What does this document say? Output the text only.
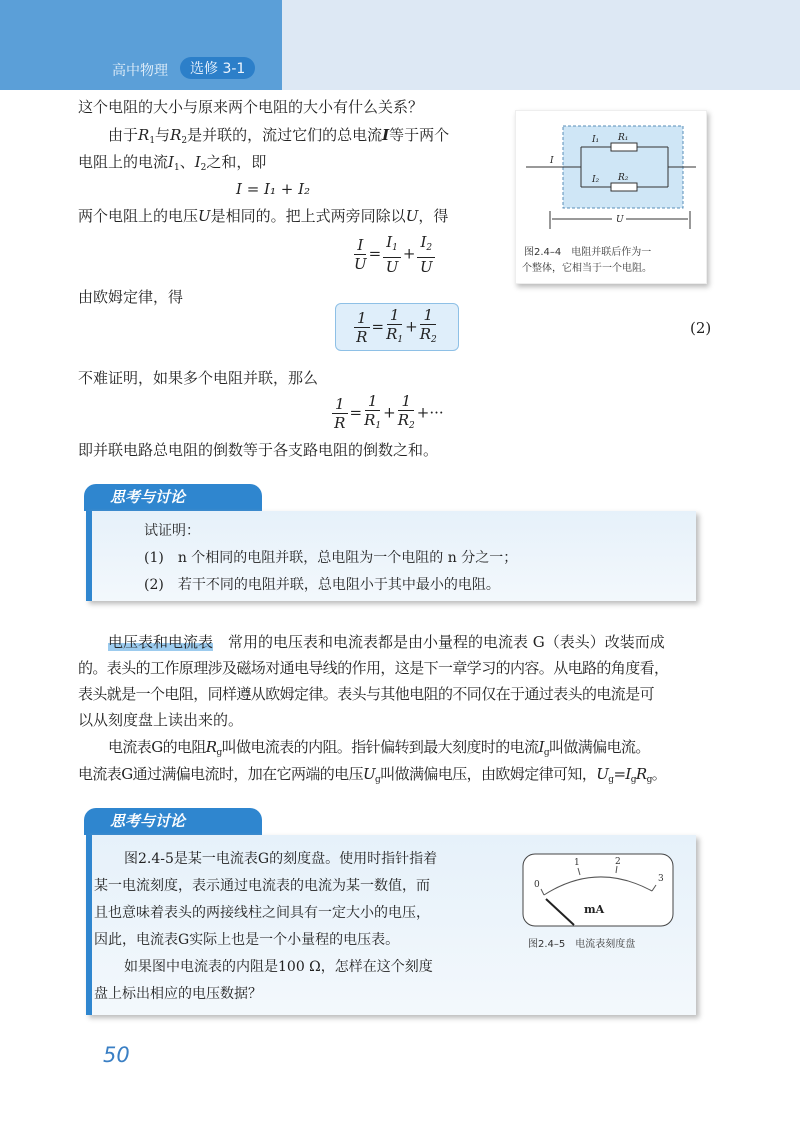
高中物理	选修 3-1
这个电阻的大小与原来两个电阻的大小有什么关系？
由于$R_1$与$R_2$是并联的，流过它们的总电流I等于两个
电阻上的电流$I_1$、$I_2$之和，即
I = I₁ + I₂
两个电阻上的电压U是相同的。把上式两旁同除以U，得
$\frac{I}{U} = \frac{I_1}{U} + \frac{I_2}{U}$
由欧姆定律，得
$\frac{1}{R} = \frac{1}{R_1} + \frac{1}{R_2}$	(2)
不难证明，如果多个电阻并联，那么
$\frac{1}{R} = \frac{1}{R_1} + \frac{1}{R_2}$ +···
即并联电路总电阻的倒数等于各支路电阻的倒数之和。
I
I₁ R₁
I₂ R₂
U
图2.4–4　电阻并联后作为一
个整体，它相当于一个电阻。
思考与讨论
试证明：
(1)　n 个相同的电阻并联，总电阻为一个电阻的 n 分之一；
(2)　若干不同的电阻并联，总电阻小于其中最小的电阻。
电压表和电流表　常用的电压表和电流表都是由小量程的电流表 G（表头）改装而成
的。表头的工作原理涉及磁场对通电导线的作用，这是下一章学习的内容。从电路的角度看，
表头就是一个电阻，同样遵从欧姆定律。表头与其他电阻的不同仅在于通过表头的电流是可
以从刻度盘上读出来的。
电流表G的电阻$R_g$叫做电流表的内阻。指针偏转到最大刻度时的电流$I_g$叫做满偏电流。
电流表G通过满偏电流时，加在它两端的电压$U_g$叫做满偏电压，由欧姆定律可知，$U_g=I_gR_g$。
思考与讨论
图2.4-5是某一电流表G的刻度盘。使用时指针指着
某一电流刻度，表示通过电流表的电流为某一数值，而
且也意味着表头的两接线柱之间具有一定大小的电压，
因此，电流表G实际上也是一个小量程的电压表。
如果图中电流表的内阻是100 Ω，怎样在这个刻度
盘上标出相应的电压数据？
0
1	2
3
mA
图2.4–5　电流表刻度盘
50
